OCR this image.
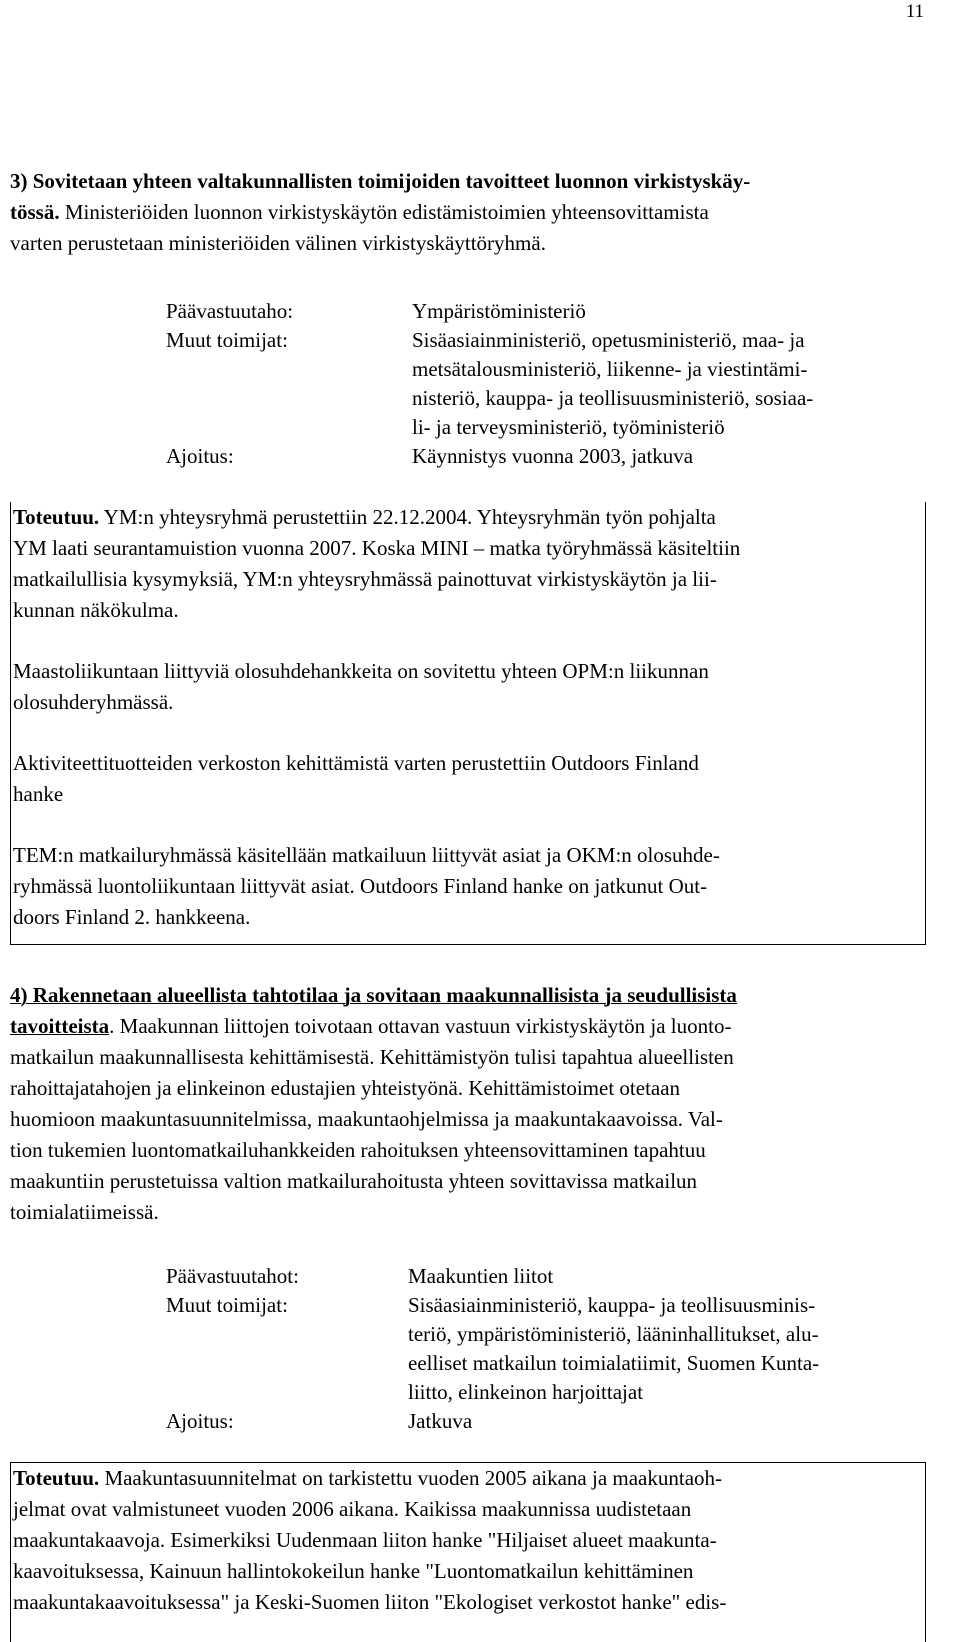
11

3) Sovitetaan yhteen valtakunnallisten toimijoiden tavoitteet luonnon virkistyskäy-
tössä. Ministeriöiden luonnon virkistyskäytön edistämistoimien yhteensovittamista
varten perustetaan ministeriöiden välinen virkistyskäyttöryhmä.

Päävastuutaho:	Ympäristöministeriö
Muut toimijat:	Sisäasiainministeriö, opetusministeriö, maa- ja
metsätalousministeriö, liikenne- ja viestintämi-
nisteriö, kauppa- ja teollisuusministeriö, sosiaa-
li- ja terveysministeriö, työministeriö
Ajoitus:	Käynnistys vuonna 2003, jatkuva

Toteutuu. YM:n yhteysryhmä perustettiin 22.12.2004. Yhteysryhmän työn pohjalta
YM laati seurantamuistion vuonna 2007. Koska MINI – matka työryhmässä käsiteltiin
matkailullisia kysymyksiä, YM:n yhteysryhmässä painottuvat virkistyskäytön ja lii-
kunnan näkökulma.

Maastoliikuntaan liittyviä olosuhdehankkeita on sovitettu yhteen OPM:n liikunnan
olosuhderyhmässä.

Aktiviteettituotteiden verkoston kehittämistä varten perustettiin Outdoors Finland
hanke

TEM:n matkailuryhmässä käsitellään matkailuun liittyvät asiat ja OKM:n olosuhde-
ryhmässä luontoliikuntaan liittyvät asiat. Outdoors Finland hanke on jatkunut Out-
doors Finland 2. hankkeena.

4) Rakennetaan alueellista tahtotilaa ja sovitaan maakunnallisista ja seudullisista
tavoitteista. Maakunnan liittojen toivotaan ottavan vastuun virkistyskäytön ja luonto-
matkailun maakunnallisesta kehittämisestä. Kehittämistyön tulisi tapahtua alueellisten
rahoittajatahojen ja elinkeinon edustajien yhteistyönä. Kehittämistoimet otetaan
huomioon maakuntasuunnitelmissa, maakuntaohjelmissa ja maakuntakaavoissa. Val-
tion tukemien luontomatkailuhankkeiden rahoituksen yhteensovittaminen tapahtuu
maakuntiin perustetuissa valtion matkailurahoitusta yhteen sovittavissa matkailun
toimialatiimeissä.

Päävastuutahot:	Maakuntien liitot
Muut toimijat:	Sisäasiainministeriö, kauppa- ja teollisuusminis-
teriö, ympäristöministeriö, lääninhallitukset, alu-
eelliset matkailun toimialatiimit, Suomen Kunta-
liitto, elinkeinon harjoittajat
Ajoitus:	Jatkuva

Toteutuu. Maakuntasuunnitelmat on tarkistettu vuoden 2005 aikana ja maakuntaoh-
jelmat ovat valmistuneet vuoden 2006 aikana. Kaikissa maakunnissa uudistetaan
maakuntakaavoja. Esimerkiksi Uudenmaan liiton hanke "Hiljaiset alueet maakunta-
kaavoituksessa, Kainuun hallintokokeilun hanke "Luontomatkailun kehittäminen
maakuntakaavoituksessa" ja Keski-Suomen liiton "Ekologiset verkostot hanke" edis-
